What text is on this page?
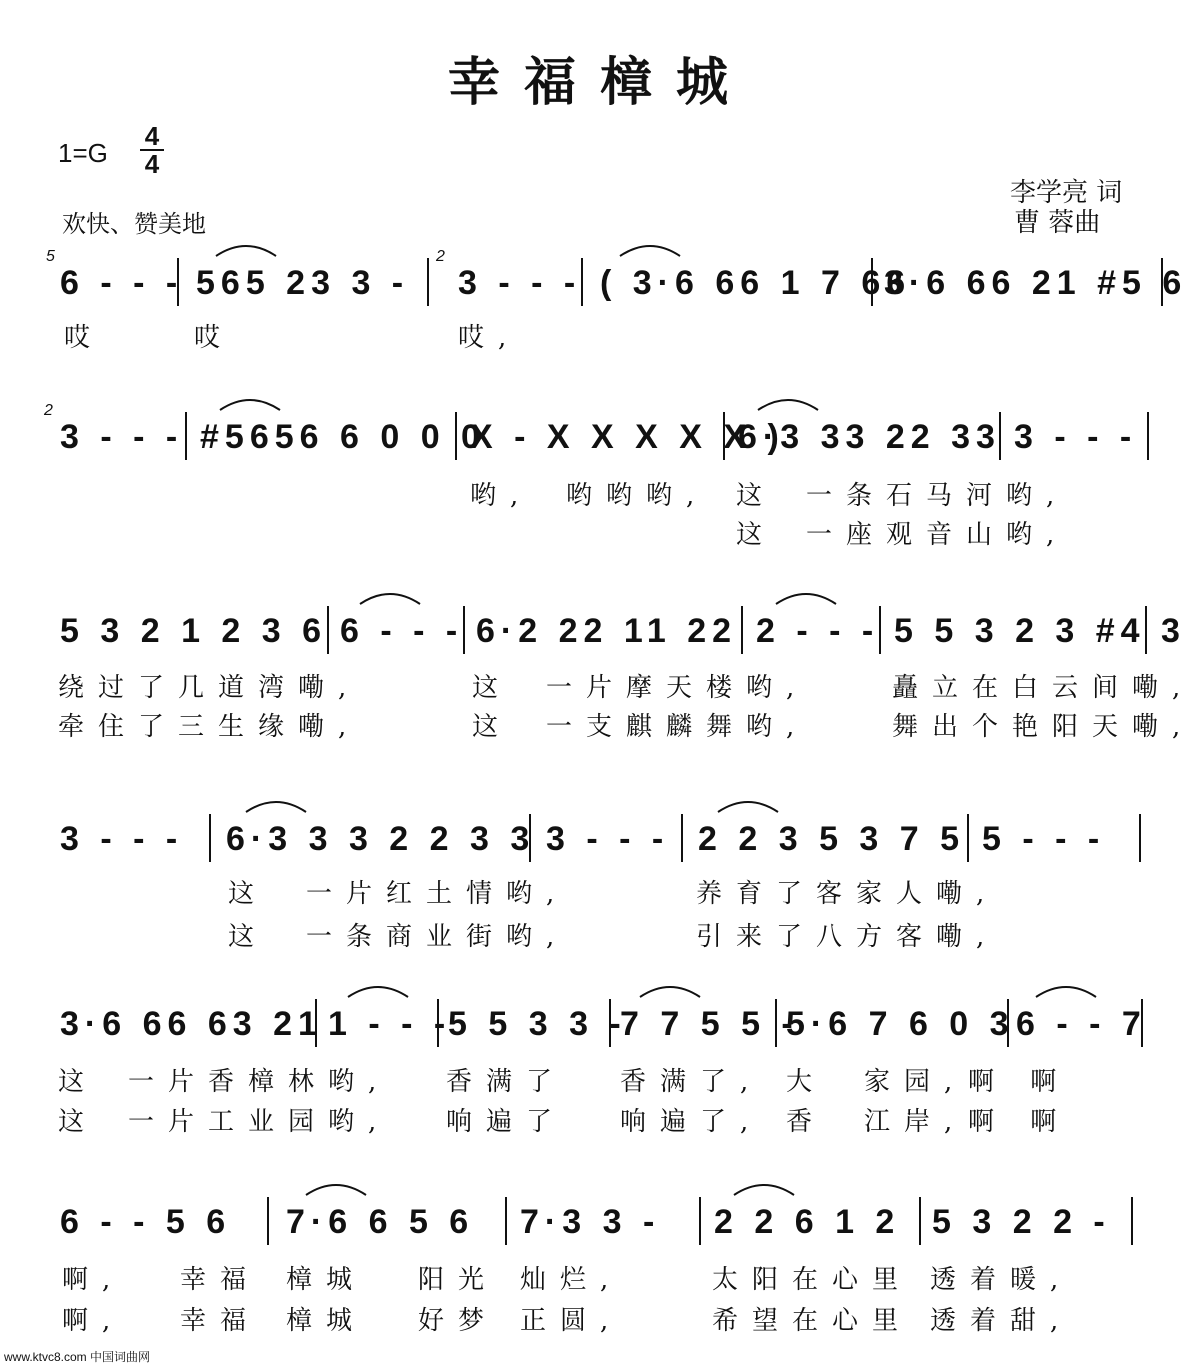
幸福樟城
1=G
4
4
欢快、赞美地
李学亮 词
曹 蓉曲
6 - - - 565 23 3 - 3 - - - ( 3·6 66 1 7 66
3·6 66 21 #5 6
5	2
哎	哎	哎,
3 - - - #5656 6 0 0 0
X - X X X X X )
6·3 33 22 33 3 - - -
2
哟, 哟哟哟, 这 一条石马河哟,
这 一座观音山哟,
5 3 2 1 2 3 6 6 - - - 6·2 22 11 22 2 - - - 5 5 3 2 3 #4 3
绕过了几道湾嘞,	这 一片摩天楼哟,	矗立在白云间嘞,
牵住了三生缘嘞,	这 一支麒麟舞哟,	舞出个艳阳天嘞,
3 - - - 6·3 3 3 2 2 3 3 3 - - - 2 2 3 5 3 7 5 5 - - -
这 一片红土情哟,	养育了客家人嘞,
这 一条商业街哟,	引来了八方客嘞,
3·6 66 63 21 1 - - -
5 5 3 3 -
7 7 5 5 -
5·6 7 6 0 3 6 - - 7
这 一片香樟林哟, 香满了 香满了, 大 家园, 啊 啊
这 一片工业园哟, 响遍了 响遍了, 香 江岸, 啊 啊
6 - - 5 6 7·6 6 5 6 7·3 3 - 2 2 6 1 2 5 3 2 2 -
啊, 幸福 樟城 阳光 灿烂,	太阳在心里 透着暖,
啊, 幸福 樟城 好梦 正圆,	希望在心里 透着甜,
www.ktvc8.com 中国词曲网
